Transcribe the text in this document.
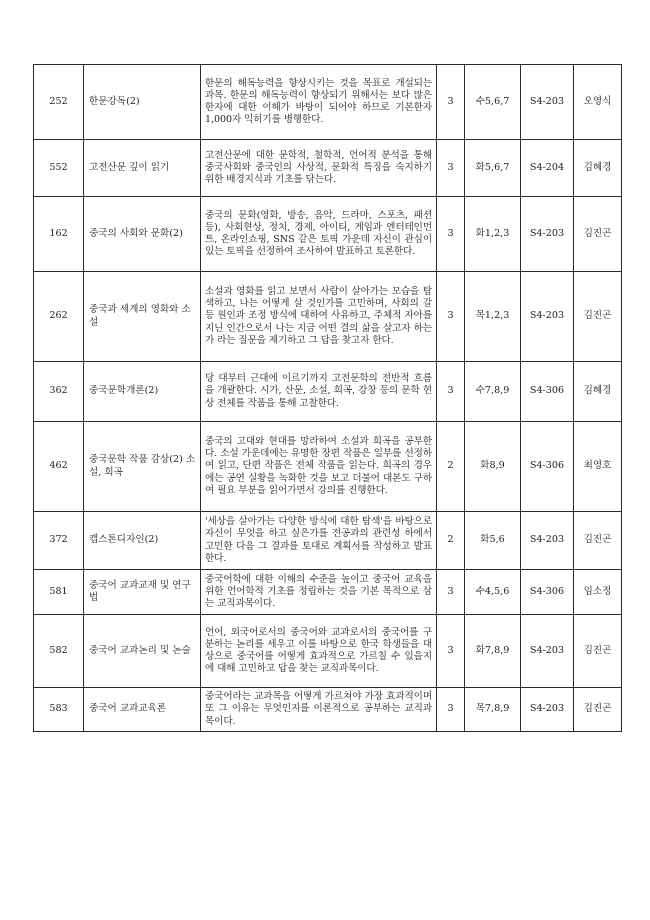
252	한문강독(2)	한문의 해독능력을 향상시키는 것을 목표로 개설되는 과목. 한문의 해독능력이 향상되기 위해서는 보다 많은 한자에 대한 이해가 바탕이 되어야 하므로 기본한자 1,000자 익히기를 병행한다.	3	수5,6,7	S4-203	오영식
552	고전산문 깊이 읽기	고전산문에 대한 문학적, 철학적, 언어적 분석을 통해 중국사회와 중국인의 사상적, 문화적 특징을 숙지하기 위한 배경지식과 기초를 닦는다.	3	화5,6,7	S4-204	김혜경
162	중국의 사회와 문화(2)	중국의 문화(영화, 방송, 음악, 드라마, 스포츠, 패션 등), 사회현상, 정치, 경제, 아이티, 게임과 엔터테인먼트, 온라인쇼핑, SNS 같은 토픽 가운데 자신이 관심이 있는 토픽을 선정하여 조사하여 발표하고 토론한다.	3	화1,2,3	S4-203	김진곤
262	중국과 세계의 영화와 소설	소설과 영화를 읽고 보면서 사람이 살아가는 모습을 탐색하고, 나는 어떻게 살 것인가를 고민하며, 사회의 갈등 원인과 조정 방식에 대하여 사유하고, 주체적 자아를 지닌 인간으로서 나는 지금 어떤 결의 삶을 살고자 하는가 라는 질문을 제기하고 그 답을 찾고자 한다.	3	목1,2,3	S4-203	김진곤
362	중국문학개론(2)	당 대부터 근대에 이르기까지 고전문학의 전반적 흐름을 개괄한다. 시가, 산문, 소설, 희곡, 강창 등의 문학 현상 전체를 작품을 통해 고찰한다.	3	수7,8,9	S4-306	김혜경
462	중국문학 작품 감상(2) 소설, 희곡	중국의 고대와 현대를 망라하여 소설과 희곡을 공부한다. 소설 가운데에는 유명한 장편 작품은 일부를 선정하여 읽고, 단편 작품은 전체 작품을 읽는다. 희곡의 경우에는 공연 실황을 녹화한 것을 보고 더불어 대본도 구하여 필요 부분을 읽어가면서 강의를 진행한다.	2	화8,9	S4-306	최영호
372	캡스톤디자인(2)	'세상을 살아가는 다양한 방식에 대한 탐색'을 바탕으로 자신이 무엇을 하고 싶은가를 전공과의 관련성 하에서 고민한 다음 그 결과를 토대로 계획서를 작성하고 발표한다.	2	화5,6	S4-203	김진곤
581	중국어 교과교재 및 연구법	중국어학에 대한 이해의 수준을 높이고 중국어 교육을 위한 언어학적 기초를 정립하는 것을 기본 목적으로 삼는 교직과목이다.	3	수4,5,6	S4-306	임소정
582	중국어 교과논리 및 논술	언어, 외국어로서의 중국어와 교과로서의 중국어를 구분하는 논리를 세우고 이를 바탕으로 한국 학생들을 대상으로 중국어를 어떻게 효과적으로 가르칠 수 있을지에 대해 고민하고 답을 찾는 교직과목이다.	3	화7,8,9	S4-203	김진곤
583	중국어 교과교육론	중국어라는 교과목을 어떻게 가르쳐야 가장 효과적이며 또 그 이유는 무엇인지를 이론적으로 공부하는 교직과목이다.	3	목7,8,9	S4-203	김진곤
